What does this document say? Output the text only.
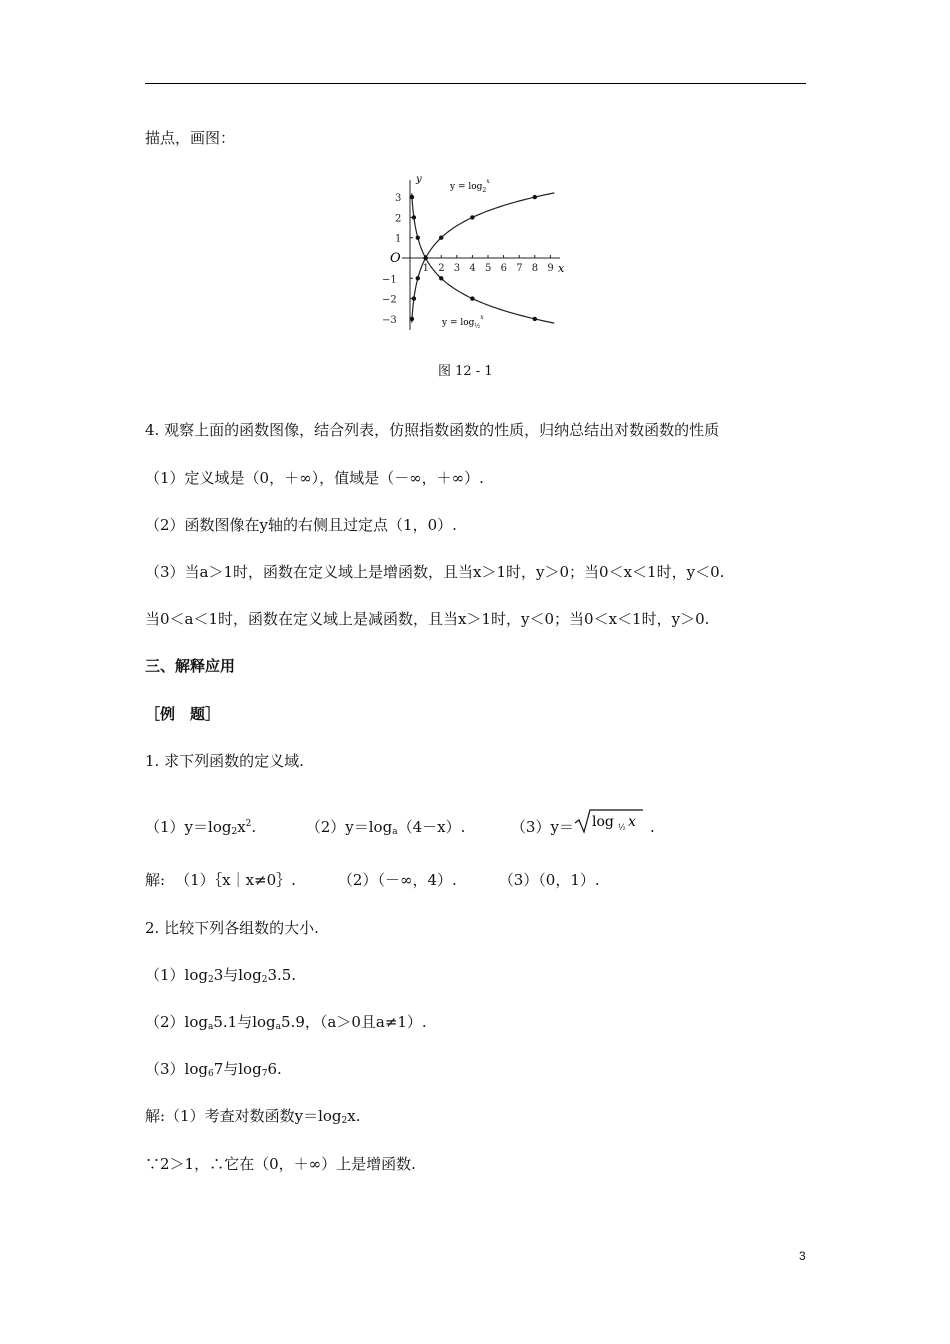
描点，画图：
1 2 3 4 5 6 7 8 9
3
2
1
−1
−2
−3
y
x
O
$y = \log_2^x$
$y = \log_{\frac{1}{2}}^x$
图 12 - 1
4. 观察上面的函数图像，结合列表，仿照指数函数的性质，归纳总结出对数函数的性质
（1）定义域是（0，＋∞），值域是（－∞，＋∞）.
（2）函数图像在y轴的右侧且过定点（1，0）.
（3）当a＞1时，函数在定义域上是增函数，且当x＞1时，y＞0；当0＜x＜1时，y＜0.
当0＜a＜1时，函数在定义域上是减函数，且当x＞1时，y＜0；当0＜x＜1时，y＞0.
三、解释应用
［例　题］
1. 求下列函数的定义域.
$(1)y=\log_2x^2$.	$(2)y=\log_a(4-x)$.	（3）y＝ log ½ x .
解: （1）｛x｜x≠0｝.	（2）（－∞，4）.	（3）（0，1）.
2. 比较下列各组数的大小.
$(1)\log_23$与$\log_23.5$.
$(2)\log_a5.1$与$\log_a5.9$，（a＞0且a≠1）.
$(3)\log_67$与$\log_76$.
解:（1）考查对数函数$y=\log_2x$.
∵2＞1，∴它在（0，＋∞）上是增函数.
3
